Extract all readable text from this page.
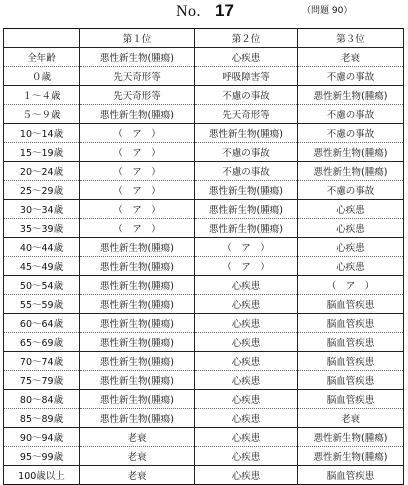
No. 17	（問題 90）
	第１位	第２位	第３位
全年齢	悪性新生物(腫瘍)	心疾患	老衰
０歳	先天奇形等	呼吸障害等	不慮の事故
１～４歳	先天奇形等	不慮の事故	悪性新生物(腫瘍)
５～９歳	悪性新生物(腫瘍)	先天奇形等	不慮の事故
10～14歳	（　ア　）	悪性新生物(腫瘍)	不慮の事故
15～19歳	（　ア　）	不慮の事故	悪性新生物(腫瘍)
20～24歳	（　ア　）	不慮の事故	悪性新生物(腫瘍)
25～29歳	（　ア　）	悪性新生物(腫瘍)	不慮の事故
30～34歳	（　ア　）	悪性新生物(腫瘍)	心疾患
35～39歳	（　ア　）	悪性新生物(腫瘍)	心疾患
40～44歳	悪性新生物(腫瘍)	（　ア　）	心疾患
45～49歳	悪性新生物(腫瘍)	（　ア　）	心疾患
50～54歳	悪性新生物(腫瘍)	心疾患	（　ア　）
55～59歳	悪性新生物(腫瘍)	心疾患	脳血管疾患
60～64歳	悪性新生物(腫瘍)	心疾患	脳血管疾患
65～69歳	悪性新生物(腫瘍)	心疾患	脳血管疾患
70～74歳	悪性新生物(腫瘍)	心疾患	脳血管疾患
75～79歳	悪性新生物(腫瘍)	心疾患	脳血管疾患
80～84歳	悪性新生物(腫瘍)	心疾患	脳血管疾患
85～89歳	悪性新生物(腫瘍)	心疾患	老衰
90～94歳	老衰	心疾患	悪性新生物(腫瘍)
95～99歳	老衰	心疾患	悪性新生物(腫瘍)
100歳以上	老衰	心疾患	脳血管疾患
